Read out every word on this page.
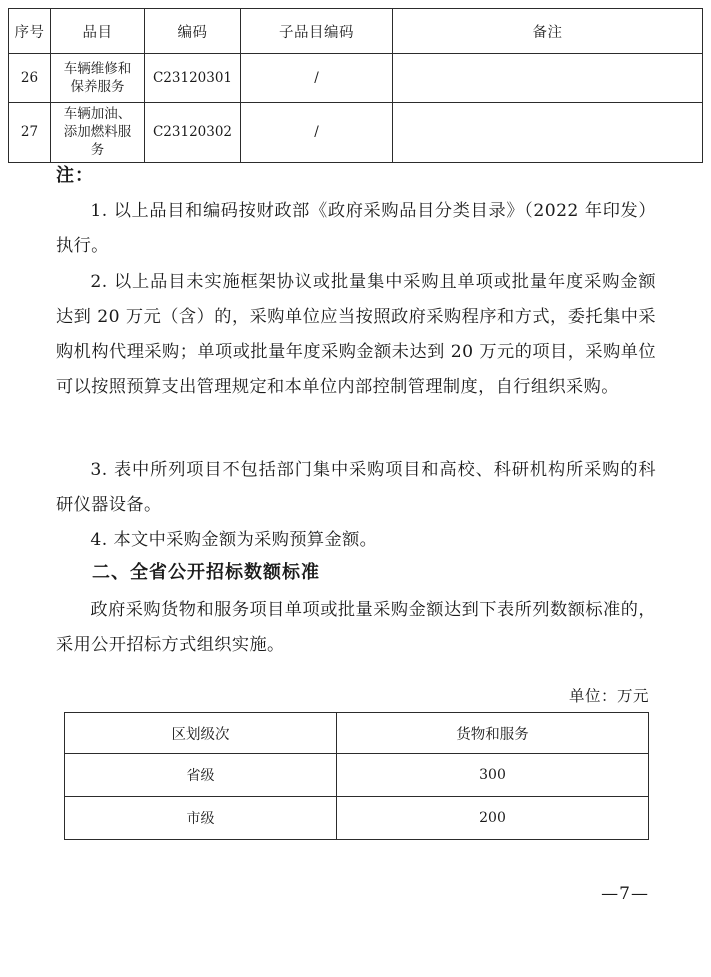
序号	品目	编码	子品目编码	备注
26	车辆维修和保养服务	C23120301	/	
27	车辆加油、添加燃料服务	C23120302	/	
注：
1. 以上品目和编码按财政部《政府采购品目分类目录》（2022 年印发）执行。
2. 以上品目未实施框架协议或批量集中采购且单项或批量年度采购金额达到 20 万元（含）的，采购单位应当按照政府采购程序和方式，委托集中采购机构代理采购；单项或批量年度采购金额未达到 20 万元的项目，采购单位可以按照预算支出管理规定和本单位内部控制管理制度，自行组织采购。
3. 表中所列项目不包括部门集中采购项目和高校、科研机构所采购的科研仪器设备。
4. 本文中采购金额为采购预算金额。
二、全省公开招标数额标准
政府采购货物和服务项目单项或批量采购金额达到下表所列数额标准的，采用公开招标方式组织实施。
单位：万元
区划级次	货物和服务
省级	300
市级	200
—7—
